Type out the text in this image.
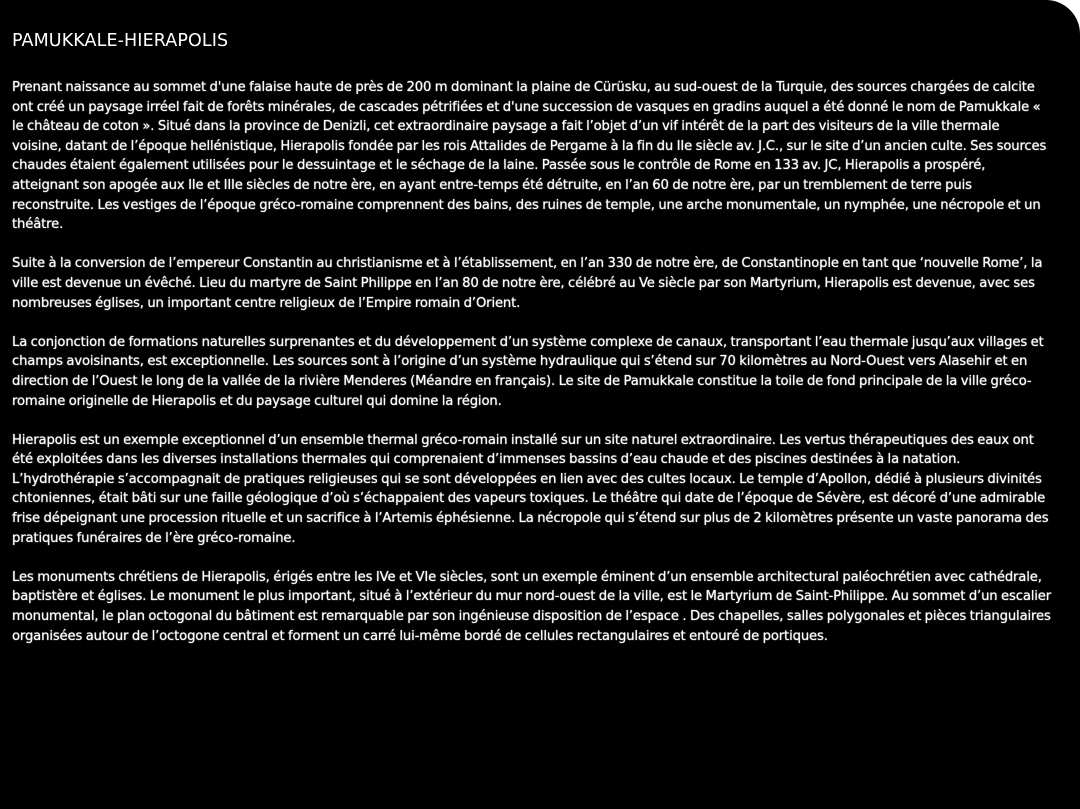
PAMUKKALE-HIERAPOLIS
Prenant naissance au sommet d'une falaise haute de près de 200 m dominant la plaine de Cürüsku, au sud-ouest de la Turquie, des sources chargées de calcite ont créé un paysage irréel fait de forêts minérales, de cascades pétrifiées et d'une succession de vasques en gradins auquel a été donné le nom de Pamukkale « le château de coton ». Situé dans la province de Denizli, cet extraordinaire paysage a fait l’objet d’un vif intérêt de la part des visiteurs de la ville thermale voisine, datant de l’époque hellénistique, Hierapolis fondée par les rois Attalides de Pergame à la fin du IIe siècle av. J.C., sur le site d’un ancien culte. Ses sources chaudes étaient également utilisées pour le dessuintage et le séchage de la laine. Passée sous le contrôle de Rome en 133 av. JC, Hierapolis a prospéré, atteignant son apogée aux IIe et IIIe siècles de notre ère, en ayant entre-temps été détruite, en l’an 60 de notre ère, par un tremblement de terre puis reconstruite. Les vestiges de l’époque gréco-romaine comprennent des bains, des ruines de temple, une arche monumentale, un nymphée, une nécropole et un théâtre.
Suite à la conversion de l’empereur Constantin au christianisme et à l’établissement, en l’an 330 de notre ère, de Constantinople en tant que ‘nouvelle Rome’, la ville est devenue un évêché. Lieu du martyre de Saint Philippe en l’an 80 de notre ère, célébré au Ve siècle par son Martyrium, Hierapolis est devenue, avec ses nombreuses églises, un important centre religieux de l’Empire romain d’Orient.
La conjonction de formations naturelles surprenantes et du développement d’un système complexe de canaux, transportant l’eau thermale jusqu’aux villages et champs avoisinants, est exceptionnelle. Les sources sont à l’origine d’un système hydraulique qui s’étend sur 70 kilomètres au Nord-Ouest vers Alasehir et en direction de l’Ouest le long de la vallée de la rivière Menderes (Méandre en français). Le site de Pamukkale constitue la toile de fond principale de la ville gréco-romaine originelle de Hierapolis et du paysage culturel qui domine la région.
Hierapolis est un exemple exceptionnel d’un ensemble thermal gréco-romain installé sur un site naturel extraordinaire. Les vertus thérapeutiques des eaux ont été exploitées dans les diverses installations thermales qui comprenaient d’immenses bassins d’eau chaude et des piscines destinées à la natation. L’hydrothérapie s’accompagnait de pratiques religieuses qui se sont développées en lien avec des cultes locaux. Le temple d’Apollon, dédié à plusieurs divinités chtoniennes, était bâti sur une faille géologique d’où s’échappaient des vapeurs toxiques. Le théâtre qui date de l’époque de Sévère, est décoré d’une admirable frise dépeignant une procession rituelle et un sacrifice à l’Artemis éphésienne. La nécropole qui s’étend sur plus de 2 kilomètres présente un vaste panorama des pratiques funéraires de l’ère gréco-romaine.
Les monuments chrétiens de Hierapolis, érigés entre les IVe et VIe siècles, sont un exemple éminent d’un ensemble architectural paléochrétien avec cathédrale, baptistère et églises. Le monument le plus important, situé à l’extérieur du mur nord-ouest de la ville, est le Martyrium de Saint-Philippe. Au sommet d’un escalier monumental, le plan octogonal du bâtiment est remarquable par son ingénieuse disposition de l’espace . Des chapelles, salles polygonales et pièces triangulaires organisées autour de l’octogone central et forment un carré lui-même bordé de cellules rectangulaires et entouré de portiques.
